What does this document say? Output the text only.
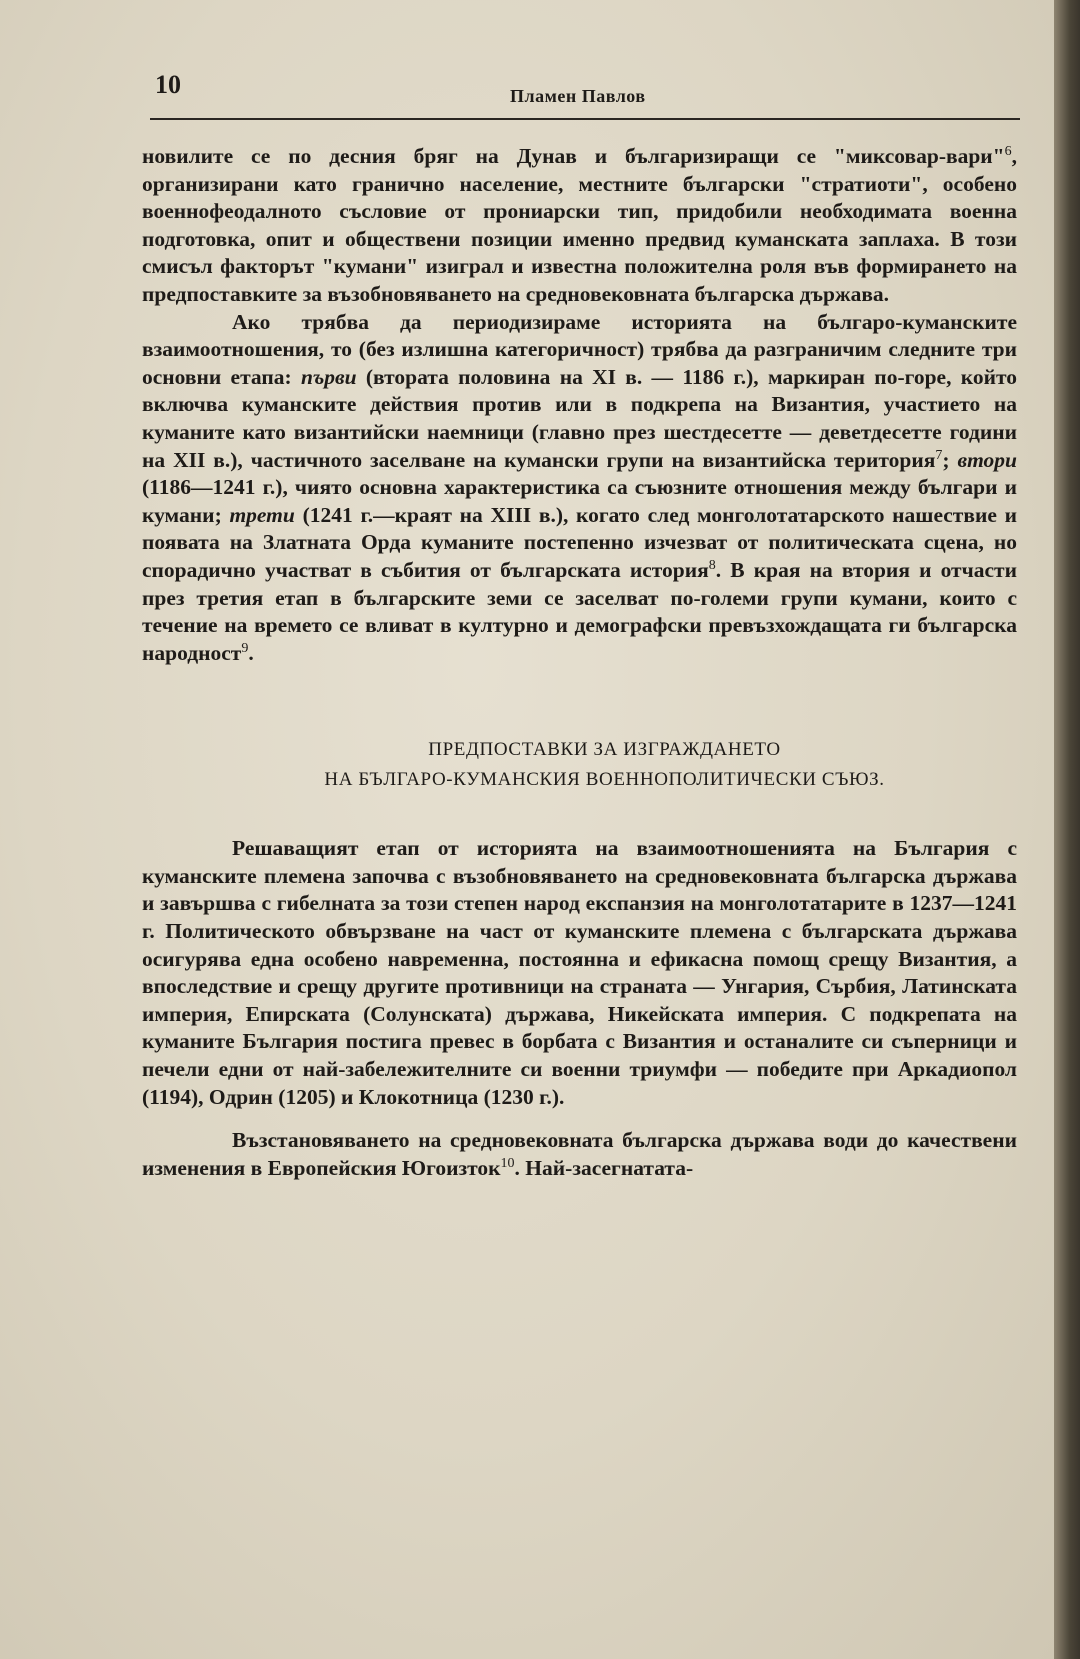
10	Пламен Павлов

новилите се по десния бряг на Дунав и българизиращи се "миксовар-вари"$^6$, организирани като гранично население, местните български "стратиоти", особено военнофеодалното съсловие от прониарски тип, придобили необходимата военна подготовка, опит и обществени позиции именно предвид куманската заплаха. В този смисъл факторът "кумани" изиграл и известна положителна роля във формирането на предпоставките за възобновяването на средновековната българска държава.

Ако трябва да периодизираме историята на българо-куманските взаимоотношения, то (без излишна категоричност) трябва да разграничим следните три основни етапа: първи (втората половина на XI в. — 1186 г.), маркиран по-горе, който включва куманските действия против или в подкрепа на Византия, участието на куманите като византийски наемници (главно през шестдесетте — деветдесетте години на XII в.), частичното заселване на кумански групи на византийска територия$^7$; втори (1186—1241 г.), чиято основна характеристика са съюзните отношения между българи и кумани; трети (1241 г.—краят на XIII в.), когато след монголотатарското нашествие и появата на Златната Орда куманите постепенно изчезват от политическата сцена, но спорадично участват в събития от българската история$^8$. В края на втория и отчасти през третия етап в българските земи се заселват по-големи групи кумани, които с течение на времето се вливат в културно и демографски превъзхождащата ги българска народност$^9$.

ПРЕДПОСТАВКИ ЗА ИЗГРАЖДАНЕТО
НА БЪЛГАРО-КУМАНСКИЯ ВОЕННОПОЛИТИЧЕСКИ СЪЮЗ.

Решаващият етап от историята на взаимоотношенията на България с куманските племена започва с възобновяването на средновековната българска държава и завършва с гибелната за този степен народ експанзия на монголотатарите в 1237—1241 г. Политическото обвързване на част от куманските племена с българската държава осигурява една особено навременна, постоянна и ефикасна помощ срещу Византия, а впоследствие и срещу другите противници на страната — Унгария, Сърбия, Латинската империя, Епирската (Солунската) държава, Никейската империя. С подкрепата на куманите България постига превес в борбата с Византия и останалите си съперници и печели едни от най-забележителните си военни триумфи — победите при Аркадиопол (1194), Одрин (1205) и Клокотница (1230 г.).

Възстановяването на средновековната българска държава води до качествени изменения в Европейския Югоизток$^{10}$. Най-засегнатата-
